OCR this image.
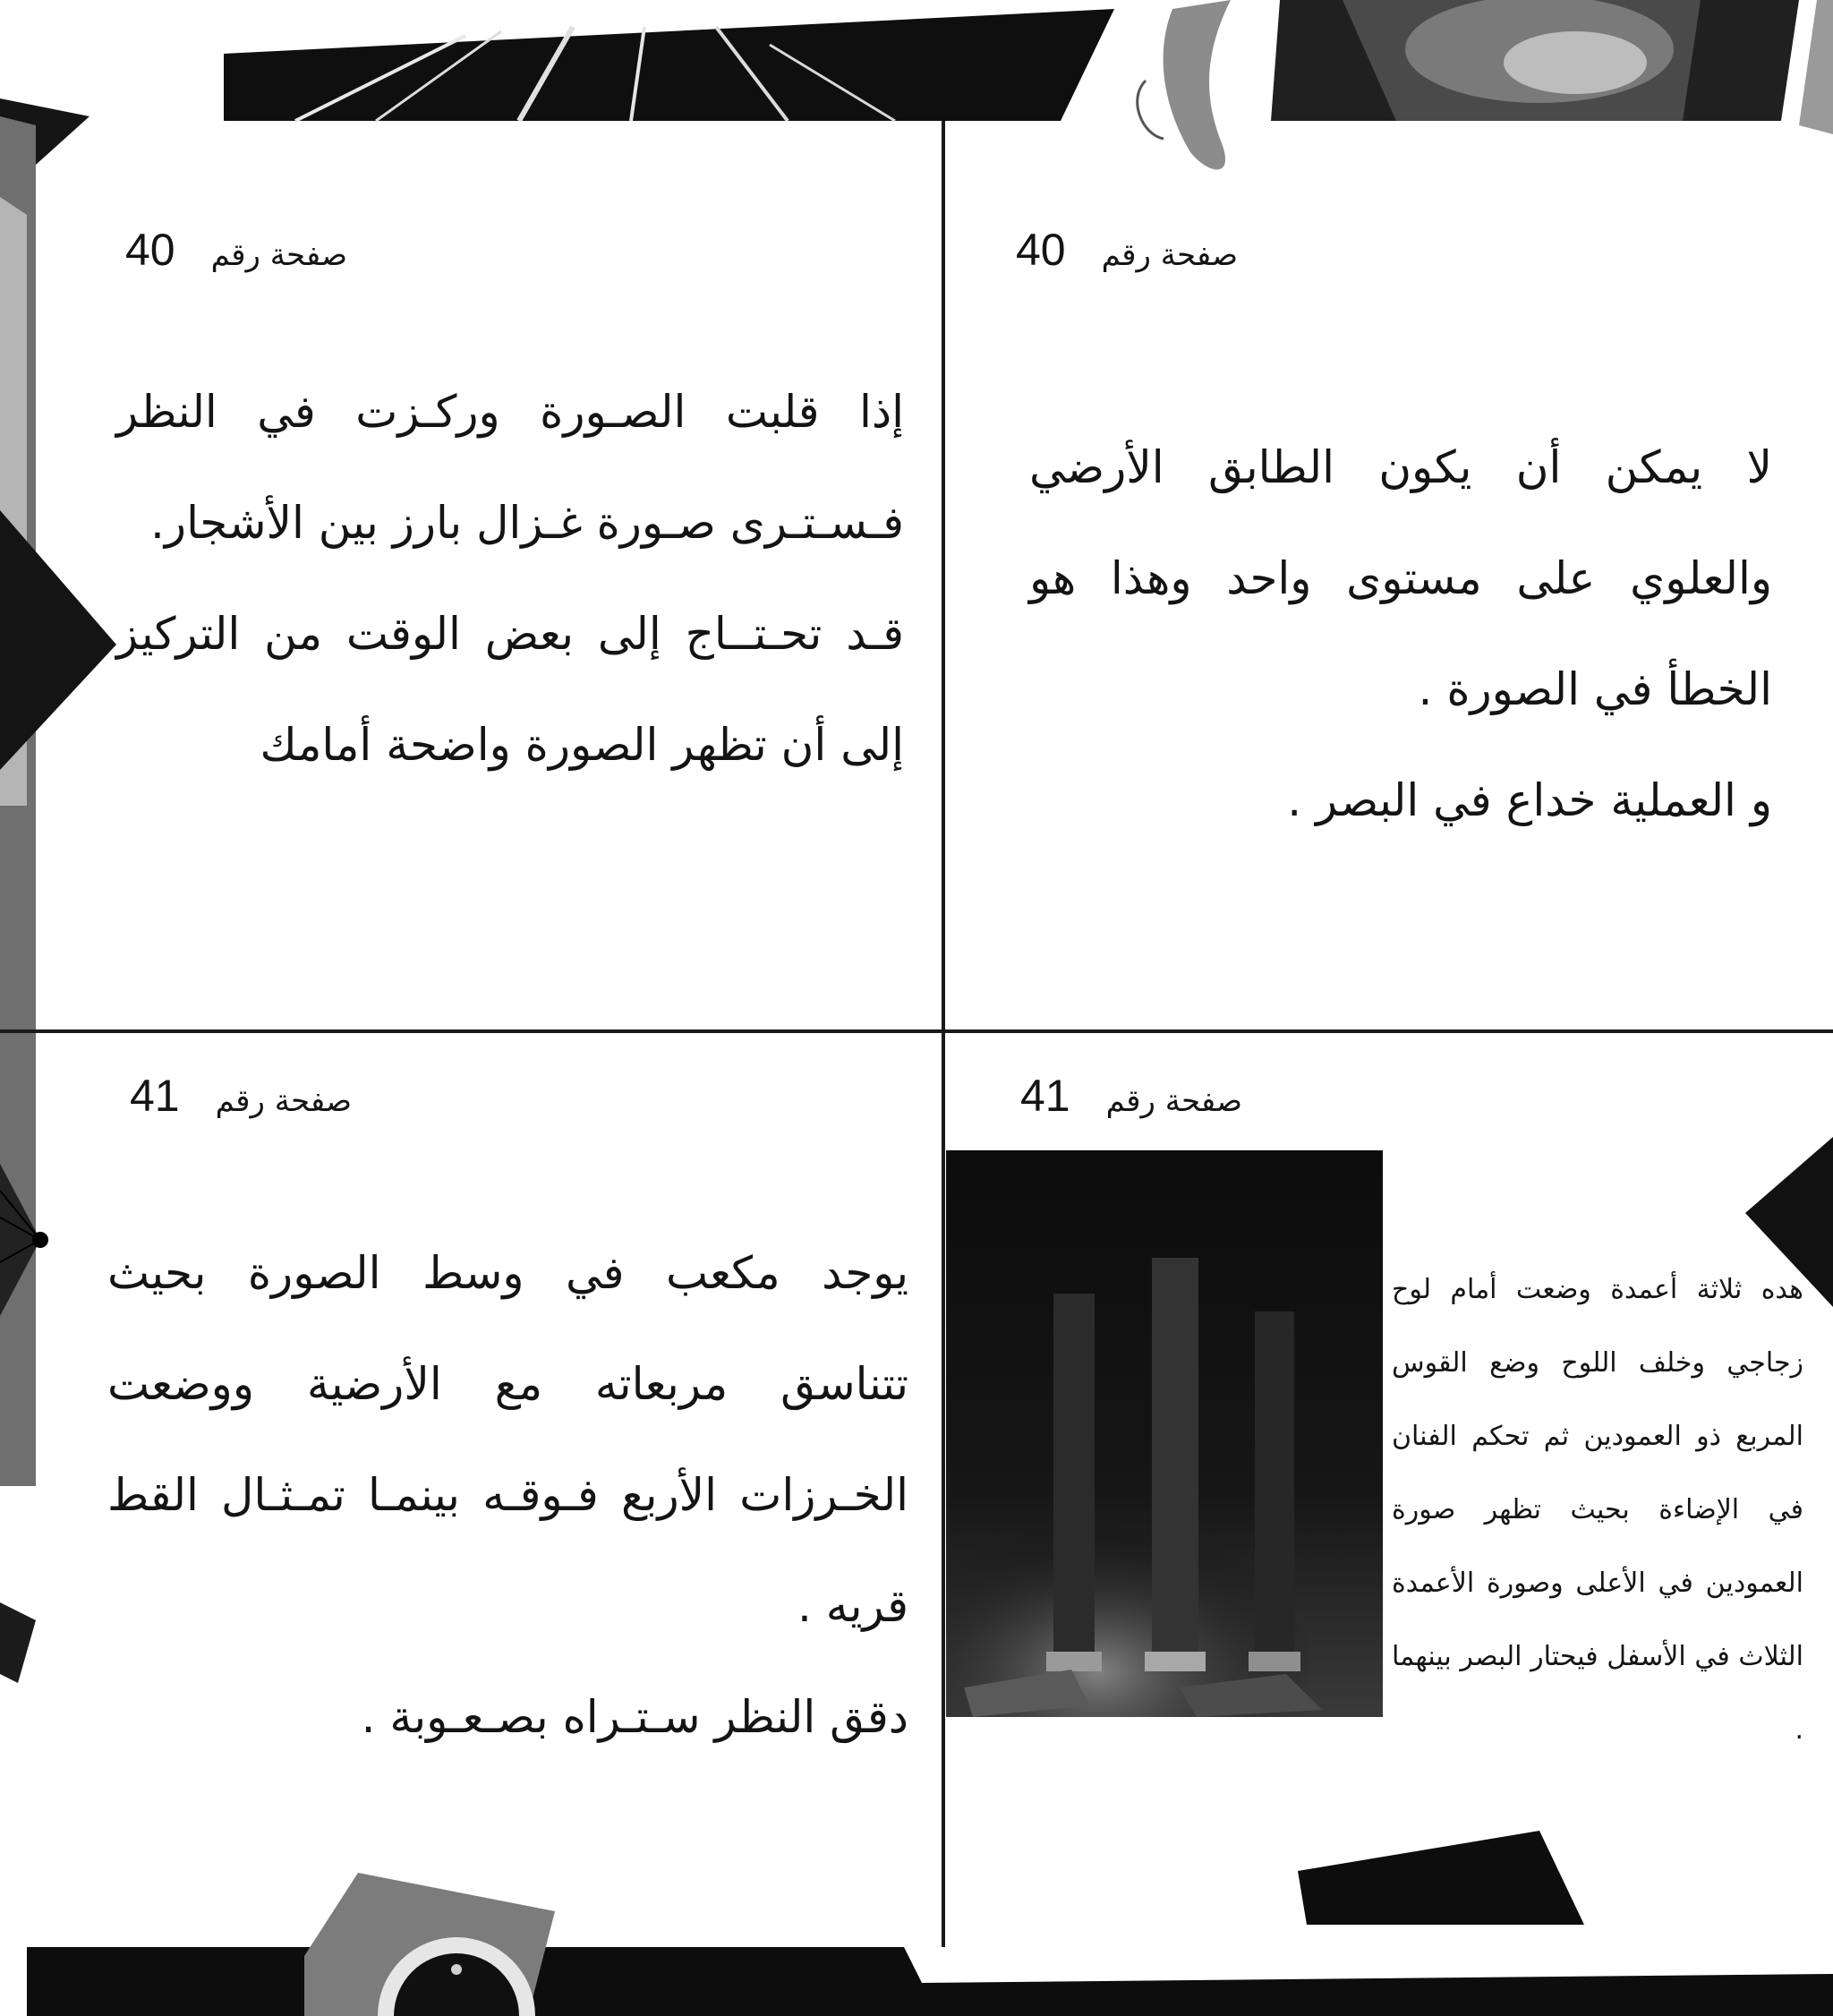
صفحة رقم
40

إذا قلبت الصـورة وركـزت في النظر فـسـتـرى صـورة غـزال بارز بين الأشجار.

قـد تحـتــاج إلى بعض الوقت من التركيز إلى أن تظهر الصورة واضحة أمامك

صفحة رقم
40

لا يمكن أن يكون الطابق الأرضي والعلوي على مستوى واحد وهذا هو الخطأ في الصورة .

و العملية خداع في البصر .

صفحة رقم
41

يوجد مكعب في وسط الصورة بحيث تتناسق مربعاته مع الأرضية ووضعت الخـرزات الأربع فـوقـه بينمـا تمـثـال القط قريه .

دقق النظر سـتـراه بصـعـوبة .

صفحة رقم
41

هده ثلاثة أعمدة وضعت أمام لوح زجاجي وخلف اللوح وضع القوس المربع ذو العمودين ثم تحكم الفنان في الإضاءة بحيث تظهر صورة العمودين في الأعلى وصورة الأعمدة الثلاث في الأسفل فيحتار البصر بينهما .
